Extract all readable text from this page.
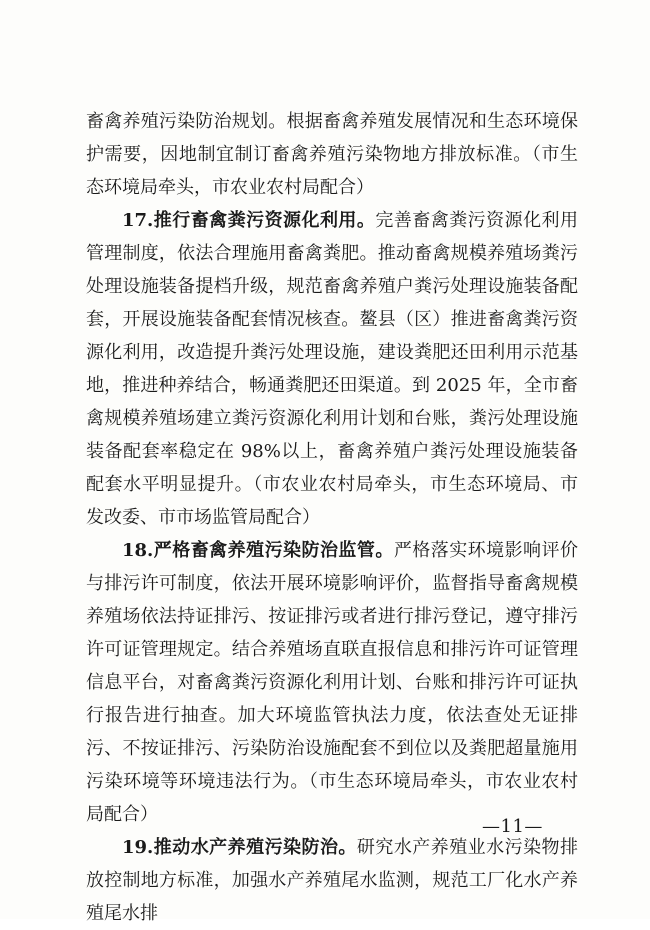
畜禽养殖污染防治规划。根据畜禽养殖发展情况和生态环境保护需要，因地制宜制订畜禽养殖污染物地方排放标准。（市生态环境局牵头，市农业农村局配合）

17.推行畜禽粪污资源化利用。完善畜禽粪污资源化利用管理制度，依法合理施用畜禽粪肥。推动畜禽规模养殖场粪污处理设施装备提档升级，规范畜禽养殖户粪污处理设施装备配套，开展设施装备配套情况核查。鳌县（区）推进畜禽粪污资源化利用，改造提升粪污处理设施，建设粪肥还田利用示范基地，推进种养结合，畅通粪肥还田渠道。到 2025 年，全市畜禽规模养殖场建立粪污资源化利用计划和台账，粪污处理设施装备配套率稳定在 98%以上，畜禽养殖户粪污处理设施装备配套水平明显提升。（市农业农村局牵头，市生态环境局、市发改委、市市场监管局配合）

18.严格畜禽养殖污染防治监管。严格落实环境影响评价与排污许可制度，依法开展环境影响评价，监督指导畜禽规模养殖场依法持证排污、按证排污或者进行排污登记，遵守排污许可证管理规定。结合养殖场直联直报信息和排污许可证管理信息平台，对畜禽粪污资源化利用计划、台账和排污许可证执行报告进行抽查。加大环境监管执法力度，依法查处无证排污、不按证排污、污染防治设施配套不到位以及粪肥超量施用污染环境等环境违法行为。（市生态环境局牵头，市农业农村局配合）

19.推动水产养殖污染防治。研究水产养殖业水污染物排放控制地方标准，加强水产养殖尾水监测，规范工厂化水产养殖尾水排

—11—
